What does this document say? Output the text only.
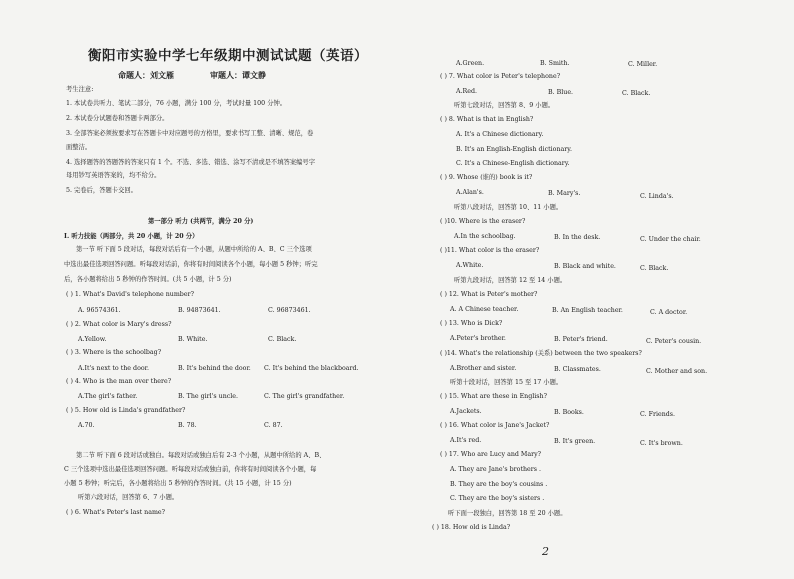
衡阳市实验中学七年级期中测试试题（英语）
命题人：刘文雁	审题人：谭文静
考生注意:
1. 本试卷共听力、笔试二部分，76 小题，满分 100 分，考试时量 100 分钟。
2. 本试卷分试题卷和答题卡两部分。
3. 全部答案必须按要求写在答题卡中对应题号的方格里，要求书写工整、清晰、规范，卷
面整洁。
4. 选择题答的答题答的答案只有 1 个。不选、多选、错选、涂写不清或是不填答案编号字
母用钞写英语答案的，均不给分。
5. 完卷后，答题卡交回。
第一部分 听力 (共两节，满分 20 分)
Ⅰ. 听力技能（两部分，共 20 小题，计 20 分）
第一节 听下面 5 段对话，每段对话后有一个小题，从题中所给的 A、B、C 三个选项
中选出最佳选项回答问题。听每段对话前，你将有时间阅读各个小题，每小题 5 秒钟；听完
后，各小题将给出 5 秒钟的作答时间。(共 5 小题，计 5 分)
( ) 1. What's David's telephone number?
A. 96574361.	B. 94873641.	C. 96873461.
( ) 2. What color is Mary's dress?
A.Yellow.	B. White.	C. Black.
( ) 3. Where is the schoolbag?
A.It's next to the door.	B. It's behind the door. C. It's behind the blackboard.
( ) 4. Who is the man over there?
A.The girl's father.	B. The girl's uncle.	C. The girl's grandfather.
( ) 5. How old is Linda's grandfather?
A.70.	B. 78.	C. 87.
第二节 听下面 6 段对话或独白。每段对话或独白后有 2-3 个小题，从题中所给的 A、B、
C 三个选项中选出最佳选项回答问题。听每段对话或独白前，你将有时间阅读各个小题，每
小题 5 秒钟；听完后，各小题将给出 5 秒钟的作答时间。(共 15 小题，计 15 分)
听第六段对话，回答第 6、7 小题。
( ) 6. What's Peter's last name?
A.Green.	B. Smith.	C. Miller.
( ) 7. What color is Peter's telephone?
A.Red.	B. Blue.	C. Black.
听第七段对话，回答第 8、9 小题。
( ) 8. What is that in English?
A. It's a Chinese dictionary.
B. It's an English-English dictionary.
C. It's a Chinese-English dictionary.
( ) 9. Whose (谁的) book is it?
A.Alan's.	B. Mary's.	C. Linda's.
听第八段对话，回答第 10、11 小题。
( )10. Where is the eraser?
A.In the schoolbag.	B. In the desk.	C. Under the chair.
( )11. What color is the eraser?
A.White.	B. Black and white.	C. Black.
听第九段对话，回答第 12 至 14 小题。
( ) 12. What is Peter's mother?
A. A Chinese teacher.	B. An English teacher.	C. A doctor.
( ) 13. Who is Dick?
A.Peter's brother.	B. Peter's friend.	C. Peter's cousin.
( )14. What's the relationship (关系) between the two speakers?
A.Brother and sister.	B. Classmates.	C. Mother and son.
听第十段对话，回答第 15 至 17 小题。
( ) 15. What are these in English?
A.Jackets.	B. Books.	C. Friends.
( ) 16. What color is Jane's Jacket?
A.It's red.	B. It's green.	C. It's brown.
( ) 17. Who are Lucy and Mary?
A. They are Jane's brothers .
B. They are the boy's cousins .
C. They are the boy's sisters .
听下面一段独白，回答第 18 至 20 小题。
( ) 18. How old is Linda?
2
